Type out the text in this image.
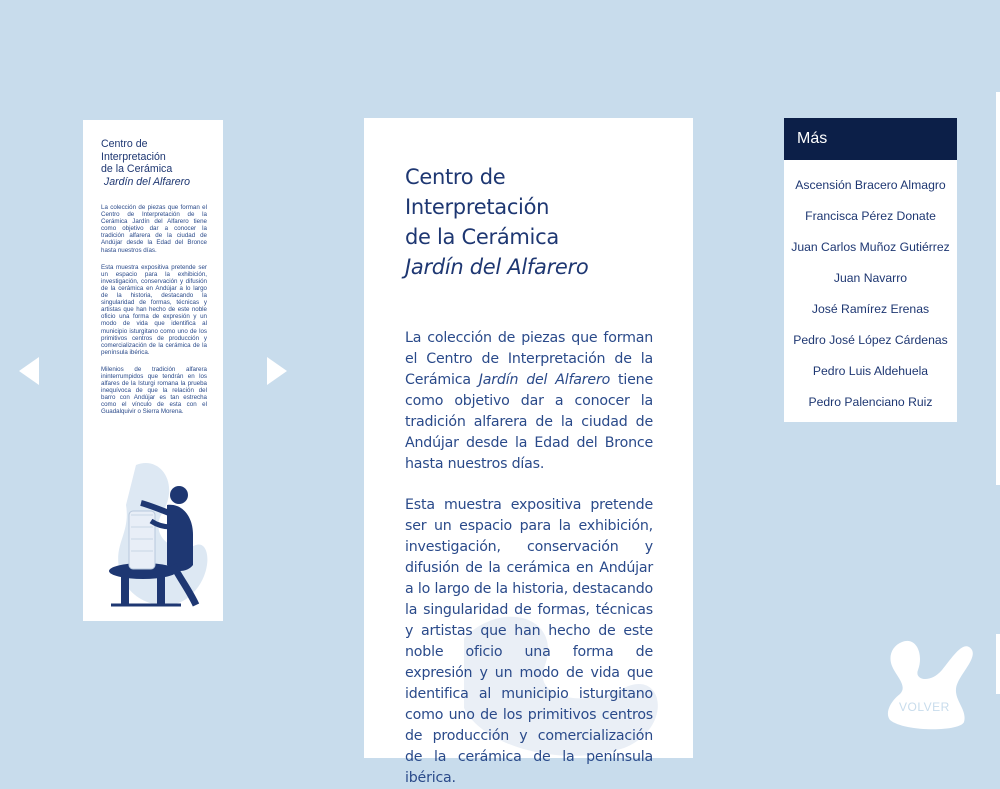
Centro de Interpretación
de la Cerámica

Jardín del Alfarero

La colección de piezas que forman el Centro de Interpretación de la Cerámica Jardín del Alfarero tiene como objetivo dar a conocer la tradición alfarera de la ciudad de Andújar desde la Edad del Bronce hasta nuestros días.

Esta muestra expositiva pretende ser un espacio para la exhibición, investigación, conservación y difusión de la cerámica en Andújar a lo largo de la historia, destacando la singularidad de formas, técnicas y artistas que han hecho de este noble oficio una forma de expresión y un modo de vida que identifica al municipio isturgitano como uno de los primitivos centros de producción y comercialización de la cerámica de la península ibérica.

Milenios de tradición alfarera ininterrumpidos que tendrán en los alfares de la Isturgi romana la prueba inequívoca de que la relación del barro con Andújar es tan estrecha como el vínculo de esta con el Guadalquivir o Sierra Morena.

Centro de Interpretación
de la Cerámica
Jardín del Alfarero

La colección de piezas que forman el Centro de Interpretación de la Cerámica Jardín del Alfarero tiene como objetivo dar a conocer la tradición alfarera de la ciudad de Andújar desde la Edad del Bronce hasta nuestros días.

Esta muestra expositiva pretende ser un espacio para la exhibición, investigación, conservación y difusión de la cerámica en Andújar a lo largo de la historia, destacando la singularidad de formas, técnicas y artistas que han hecho de este noble oficio una forma de expresión y un modo de vida que identifica al municipio isturgitano como uno de los primitivos centros de producción y comercialización de la cerámica de la península ibérica.

Más
Ascensión Bracero Almagro
Francisca Pérez Donate
Juan Carlos Muñoz Gutiérrez
Juan Navarro
José Ramírez Erenas
Pedro José López Cárdenas
Pedro Luis Aldehuela
Pedro Palenciano Ruiz
VOLVER
